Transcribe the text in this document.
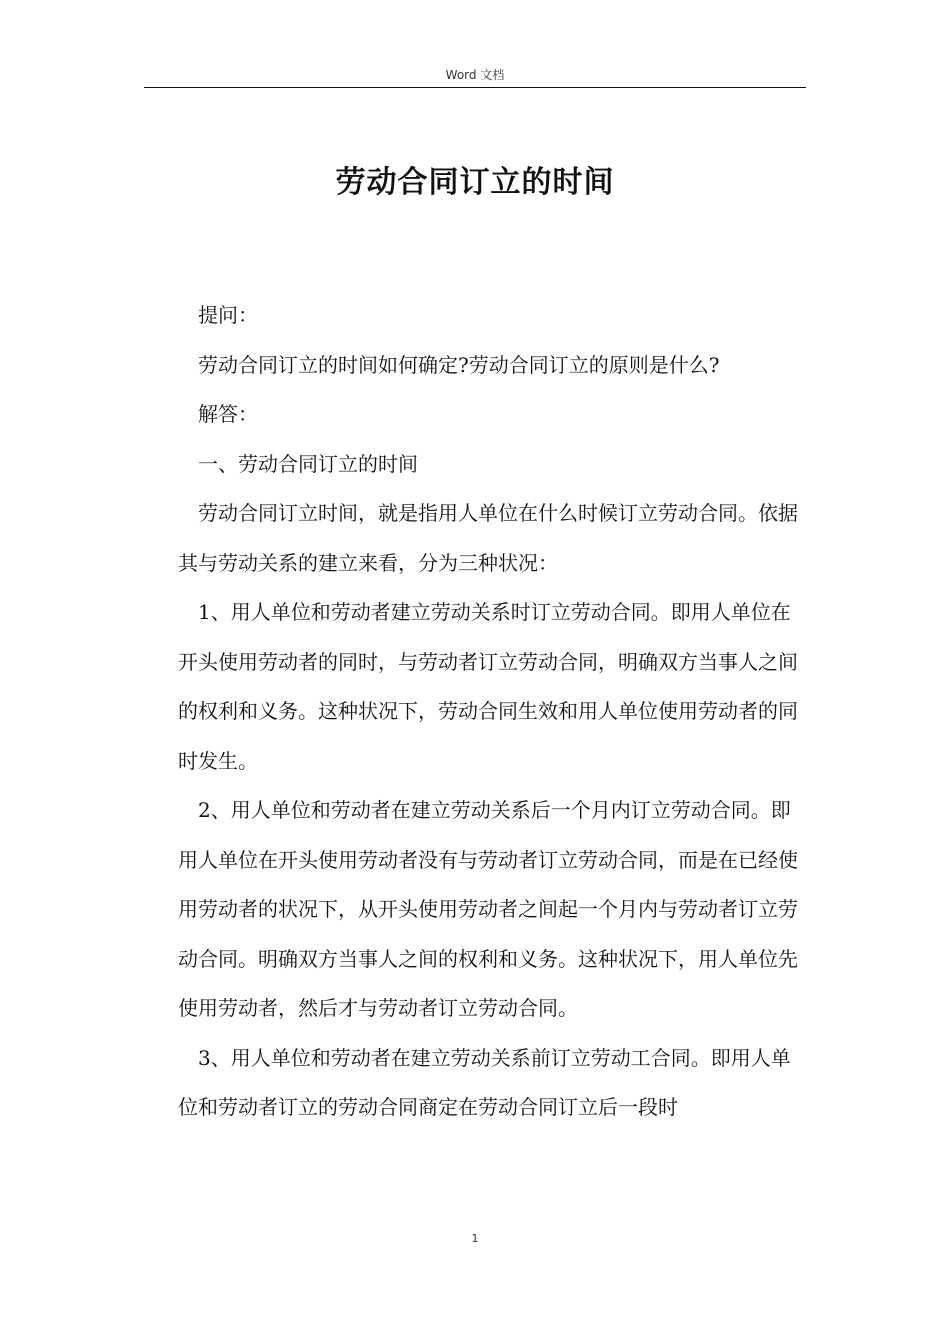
Word 文档
劳动合同订立的时间

提问：

劳动合同订立的时间如何确定?劳动合同订立的原则是什么?

解答：

一、劳动合同订立的时间

劳动合同订立时间，就是指用人单位在什么时候订立劳动合同。依据其与劳动关系的建立来看，分为三种状况：

1、用人单位和劳动者建立劳动关系时订立劳动合同。即用人单位在开头使用劳动者的同时，与劳动者订立劳动合同，明确双方当事人之间的权利和义务。这种状况下，劳动合同生效和用人单位使用劳动者的同时发生。

2、用人单位和劳动者在建立劳动关系后一个月内订立劳动合同。即用人单位在开头使用劳动者没有与劳动者订立劳动合同，而是在已经使用劳动者的状况下，从开头使用劳动者之间起一个月内与劳动者订立劳动合同。明确双方当事人之间的权利和义务。这种状况下，用人单位先使用劳动者，然后才与劳动者订立劳动合同。

3、用人单位和劳动者在建立劳动关系前订立劳动工合同。即用人单位和劳动者订立的劳动合同商定在劳动合同订立后一段时

1
